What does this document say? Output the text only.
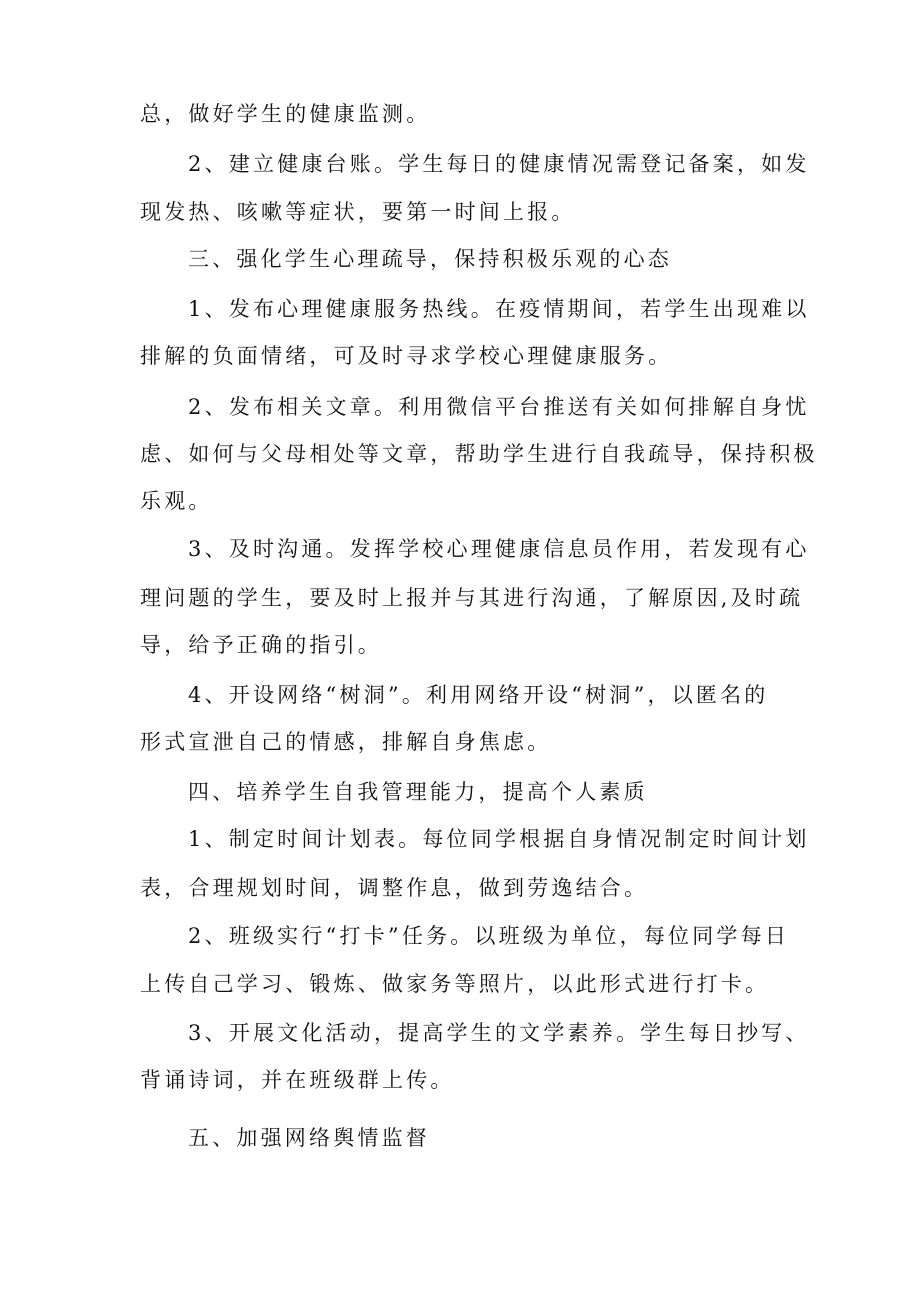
总，做好学生的健康监测。
2、建立健康台账。学生每日的健康情况需登记备案，如发
现发热、咳嗽等症状，要第一时间上报。
三、强化学生心理疏导，保持积极乐观的心态
1、发布心理健康服务热线。在疫情期间，若学生出现难以
排解的负面情绪，可及时寻求学校心理健康服务。
2、发布相关文章。利用微信平台推送有关如何排解自身忧
虑、如何与父母相处等文章，帮助学生进行自我疏导，保持积极
乐观。
3、及时沟通。发挥学校心理健康信息员作用，若发现有心
理问题的学生，要及时上报并与其进行沟通，了解原因,及时疏
导，给予正确的指引。
4、开设网络“树洞”。利用网络开设“树洞”，以匿名的
形式宣泄自己的情感，排解自身焦虑。
四、培养学生自我管理能力，提高个人素质
1、制定时间计划表。每位同学根据自身情况制定时间计划
表，合理规划时间，调整作息，做到劳逸结合。
2、班级实行“打卡”任务。以班级为单位，每位同学每日
上传自己学习、锻炼、做家务等照片，以此形式进行打卡。
3、开展文化活动，提高学生的文学素养。学生每日抄写、
背诵诗词，并在班级群上传。
五、加强网络舆情监督
